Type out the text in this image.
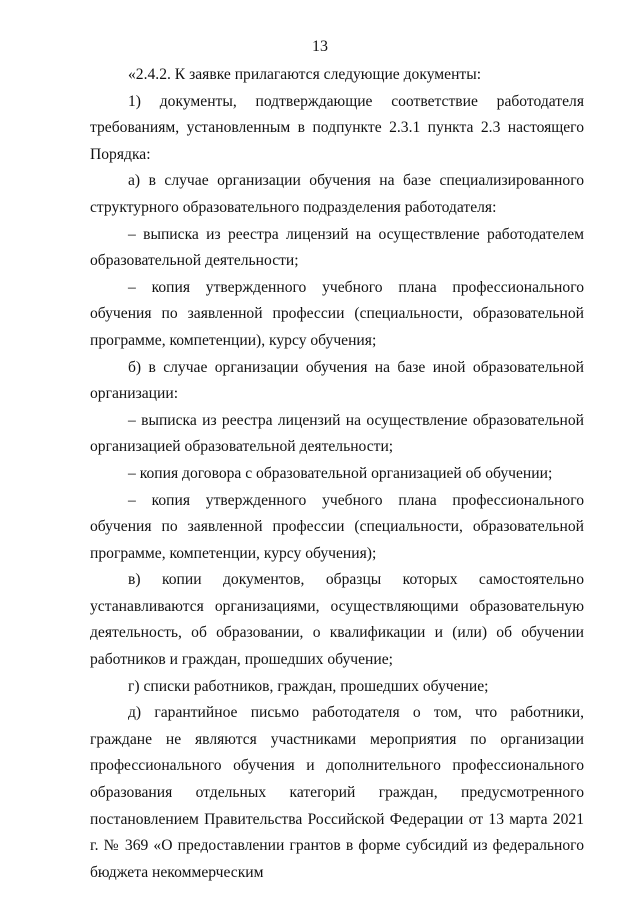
13

«2.4.2. К заявке прилагаются следующие документы:

1) документы, подтверждающие соответствие работодателя требованиям, установленным в подпункте 2.3.1 пункта 2.3 настоящего Порядка:

а) в случае организации обучения на базе специализированного структурного образовательного подразделения работодателя:

– выписка из реестра лицензий на осуществление работодателем образовательной деятельности;

– копия утвержденного учебного плана профессионального обучения по заявленной профессии (специальности, образовательной программе, компетенции), курсу обучения;

б) в случае организации обучения на базе иной образовательной организации:

– выписка из реестра лицензий на осуществление образовательной организацией образовательной деятельности;

– копия договора с образовательной организацией об обучении;

– копия утвержденного учебного плана профессионального обучения по заявленной профессии (специальности, образовательной программе, компетенции, курсу обучения);

в) копии документов, образцы которых самостоятельно устанавливаются организациями, осуществляющими образовательную деятельность, об образовании, о квалификации и (или) об обучении работников и граждан, прошедших обучение;

г) списки работников, граждан, прошедших обучение;

д) гарантийное письмо работодателя о том, что работники, граждане не являются участниками мероприятия по организации профессионального обучения и дополнительного профессионального образования отдельных категорий граждан, предусмотренного постановлением Правительства Российской Федерации от 13 марта 2021 г. № 369 «О предоставлении грантов в форме субсидий из федерального бюджета некоммерческим
